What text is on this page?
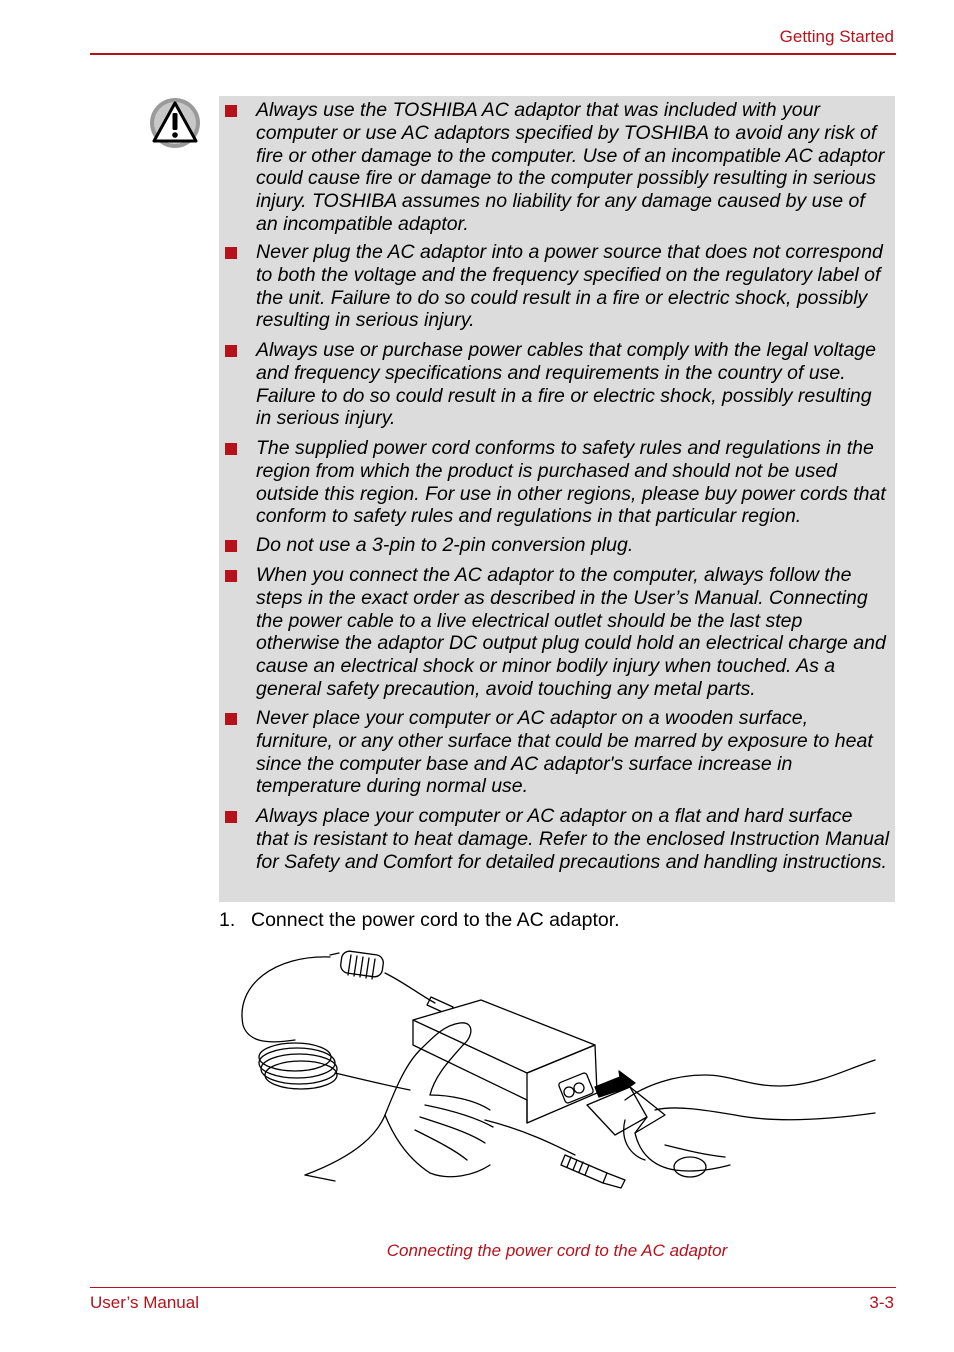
Getting Started
Always use the TOSHIBA AC adaptor that was included with your computer or use AC adaptors specified by TOSHIBA to avoid any risk of fire or other damage to the computer. Use of an incompatible AC adaptor could cause fire or damage to the computer possibly resulting in serious injury. TOSHIBA assumes no liability for any damage caused by use of an incompatible adaptor.
Never plug the AC adaptor into a power source that does not correspond to both the voltage and the frequency specified on the regulatory label of the unit. Failure to do so could result in a fire or electric shock, possibly resulting in serious injury.
Always use or purchase power cables that comply with the legal voltage and frequency specifications and requirements in the country of use. Failure to do so could result in a fire or electric shock, possibly resulting in serious injury.
The supplied power cord conforms to safety rules and regulations in the region from which the product is purchased and should not be used outside this region. For use in other regions, please buy power cords that conform to safety rules and regulations in that particular region.
Do not use a 3-pin to 2-pin conversion plug.
When you connect the AC adaptor to the computer, always follow the steps in the exact order as described in the User’s Manual. Connecting the power cable to a live electrical outlet should be the last step otherwise the adaptor DC output plug could hold an electrical charge and cause an electrical shock or minor bodily injury when touched. As a general safety precaution, avoid touching any metal parts.
Never place your computer or AC adaptor on a wooden surface, furniture, or any other surface that could be marred by exposure to heat since the computer base and AC adaptor's surface increase in temperature during normal use.
Always place your computer or AC adaptor on a flat and hard surface that is resistant to heat damage. Refer to the enclosed Instruction Manual for Safety and Comfort for detailed precautions and handling instructions.
1. Connect the power cord to the AC adaptor.
Connecting the power cord to the AC adaptor
User’s Manual	3-3
